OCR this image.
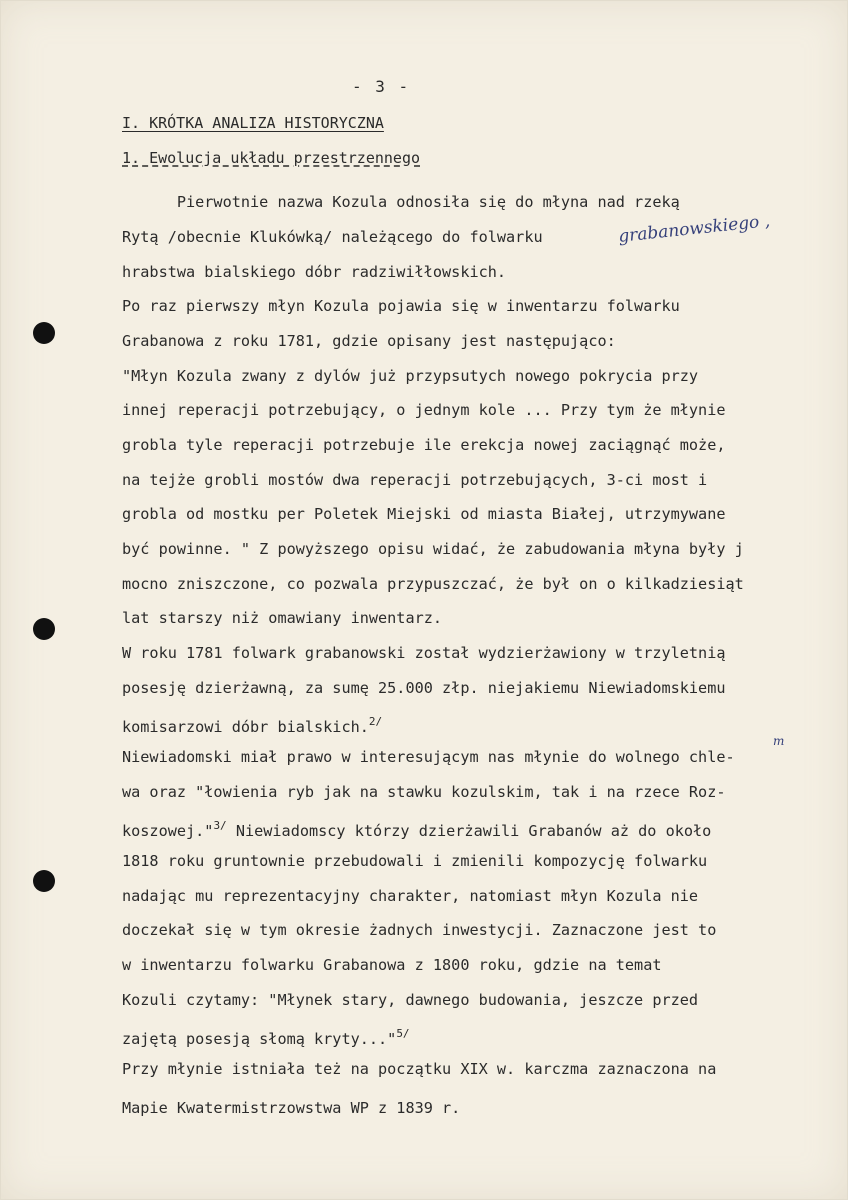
- 3 -
I. KRÓTKA ANALIZA HISTORYCZNA
1. Ewolucja układu przestrzennego
Pierwotnie nazwa Kozula odnosiła się do młyna nad rzeką
Rytą /obecnie Klukówką/ należącego do folwarku	grabanowskiego ,
hrabstwa bialskiego dóbr radziwiłłowskich.
Po raz pierwszy młyn Kozula pojawia się w inwentarzu folwarku
Grabanowa z roku 1781, gdzie opisany jest następująco:
"Młyn Kozula zwany z dylów już przypsutych nowego pokrycia przy
innej reperacji potrzebujący, o jednym kole ... Przy tym że młynie
grobla tyle reperacji potrzebuje ile erekcja nowej zaciągnąć może,
na tejże grobli mostów dwa reperacji potrzebujących, 3-ci most i
grobla od mostku per Poletek Miejski od miasta Białej, utrzymywane
być powinne. " Z powyższego opisu widać, że zabudowania młyna były j
mocno zniszczone, co pozwala przypuszczać, że był on o kilkadziesiąt
lat starszy niż omawiany inwentarz.
W roku 1781 folwark grabanowski został wydzierżawiony w trzyletnią
posesję dzierżawną, za sumę 25.000 złp. niejakiemu Niewiadomskiemu
komisarzowi dóbr bialskich.$^{2/}$
Niewiadomski miał prawo w interesującym nas młynie do wolnego chle-
m
wa oraz "łowienia ryb jak na stawku kozulskim, tak i na rzece Roz-
koszowej."$^{3/}$ Niewiadomscy którzy dzierżawili Grabanów aż do około
1818 roku gruntownie przebudowali i zmienili kompozycję folwarku
nadając mu reprezentacyjny charakter, natomiast młyn Kozula nie
doczekał się w tym okresie żadnych inwestycji. Zaznaczone jest to
w inwentarzu folwarku Grabanowa z 1800 roku, gdzie na temat
Kozuli czytamy: "Młynek stary, dawnego budowania, jeszcze przed
zajętą posesją słomą kryty..."$^{5/}$
Przy młynie istniała też na początku XIX w. karczma zaznaczona na
Mapie Kwatermistrzowstwa WP z 1839 r.
